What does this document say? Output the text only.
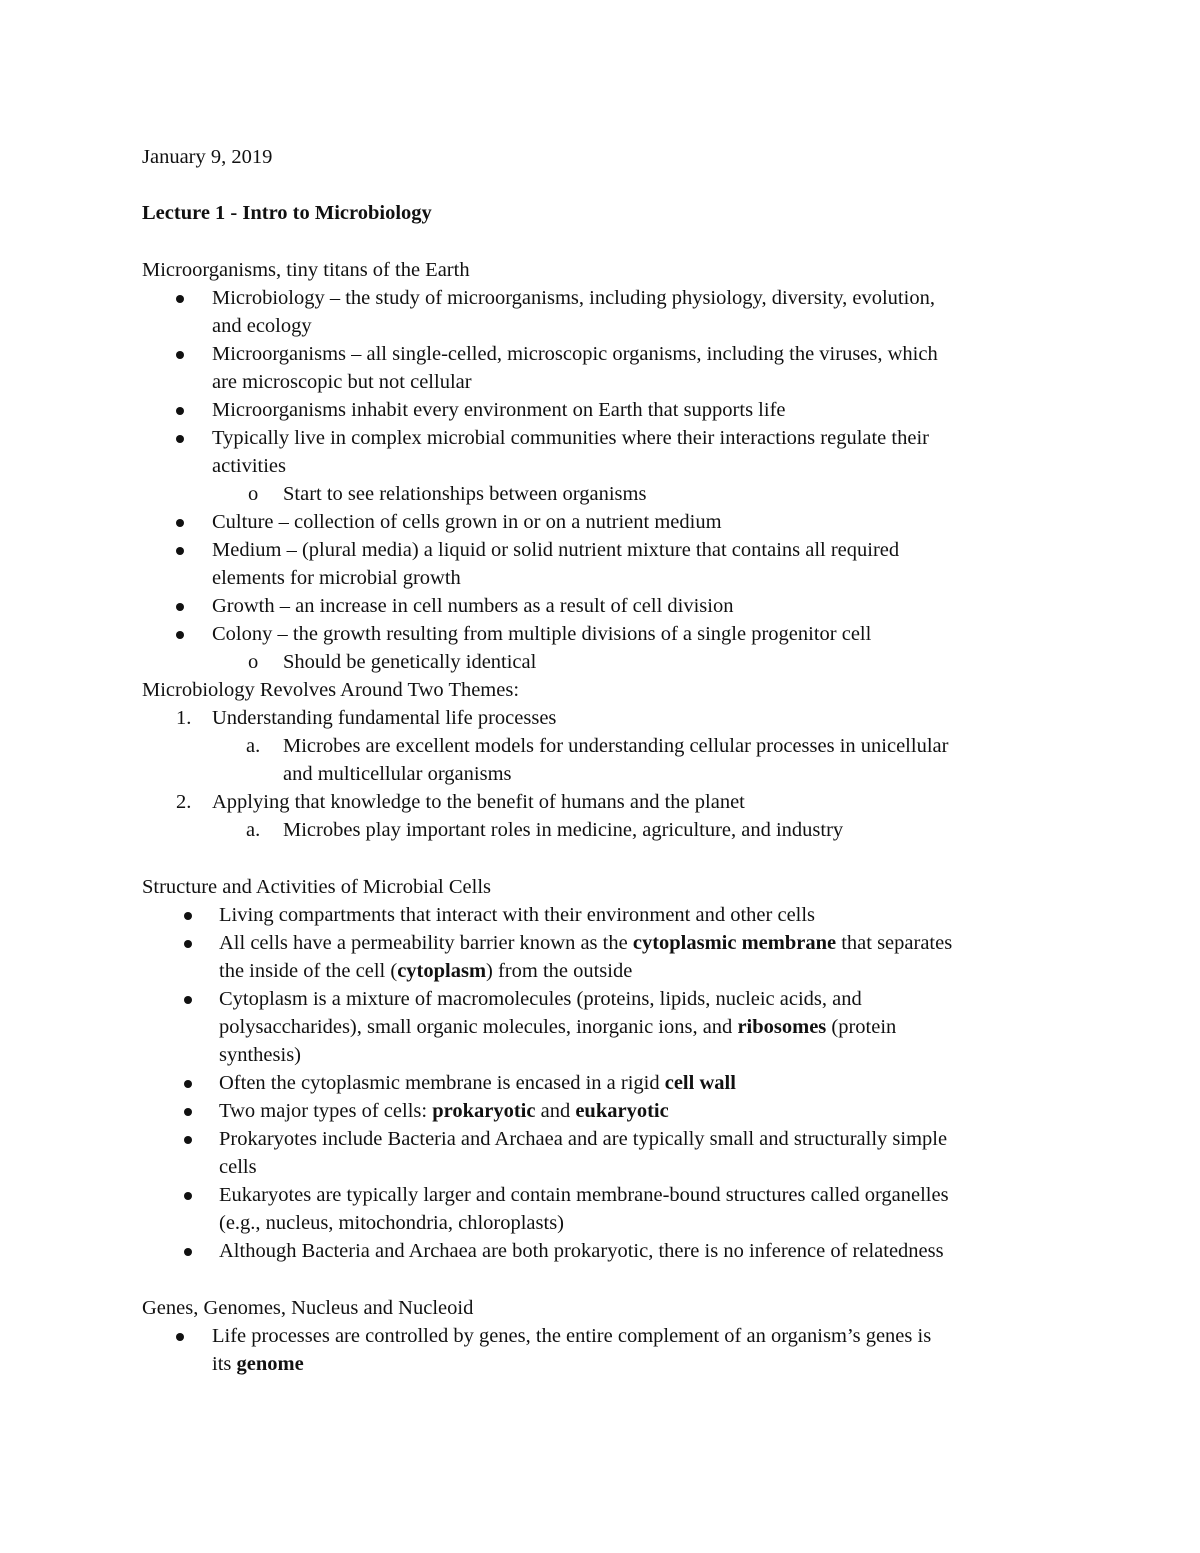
January 9, 2019
Lecture 1 - Intro to Microbiology
Microorganisms, tiny titans of the Earth
Microbiology – the study of microorganisms, including physiology, diversity, evolution,
and ecology
Microorganisms – all single-celled, microscopic organisms, including the viruses, which
are microscopic but not cellular
Microorganisms inhabit every environment on Earth that supports life
Typically live in complex microbial communities where their interactions regulate their
activities
o Start to see relationships between organisms
Culture – collection of cells grown in or on a nutrient medium
Medium – (plural media) a liquid or solid nutrient mixture that contains all required
elements for microbial growth
Growth – an increase in cell numbers as a result of cell division
Colony – the growth resulting from multiple divisions of a single progenitor cell
o Should be genetically identical
Microbiology Revolves Around Two Themes:
1. Understanding fundamental life processes
a. Microbes are excellent models for understanding cellular processes in unicellular
and multicellular organisms
2. Applying that knowledge to the benefit of humans and the planet
a. Microbes play important roles in medicine, agriculture, and industry
Structure and Activities of Microbial Cells
Living compartments that interact with their environment and other cells
All cells have a permeability barrier known as the cytoplasmic membrane that separates
the inside of the cell (cytoplasm) from the outside
Cytoplasm is a mixture of macromolecules (proteins, lipids, nucleic acids, and
polysaccharides), small organic molecules, inorganic ions, and ribosomes (protein
synthesis)
Often the cytoplasmic membrane is encased in a rigid cell wall
Two major types of cells: prokaryotic and eukaryotic
Prokaryotes include Bacteria and Archaea and are typically small and structurally simple
cells
Eukaryotes are typically larger and contain membrane-bound structures called organelles
(e.g., nucleus, mitochondria, chloroplasts)
Although Bacteria and Archaea are both prokaryotic, there is no inference of relatedness
Genes, Genomes, Nucleus and Nucleoid
Life processes are controlled by genes, the entire complement of an organism’s genes is
its genome
